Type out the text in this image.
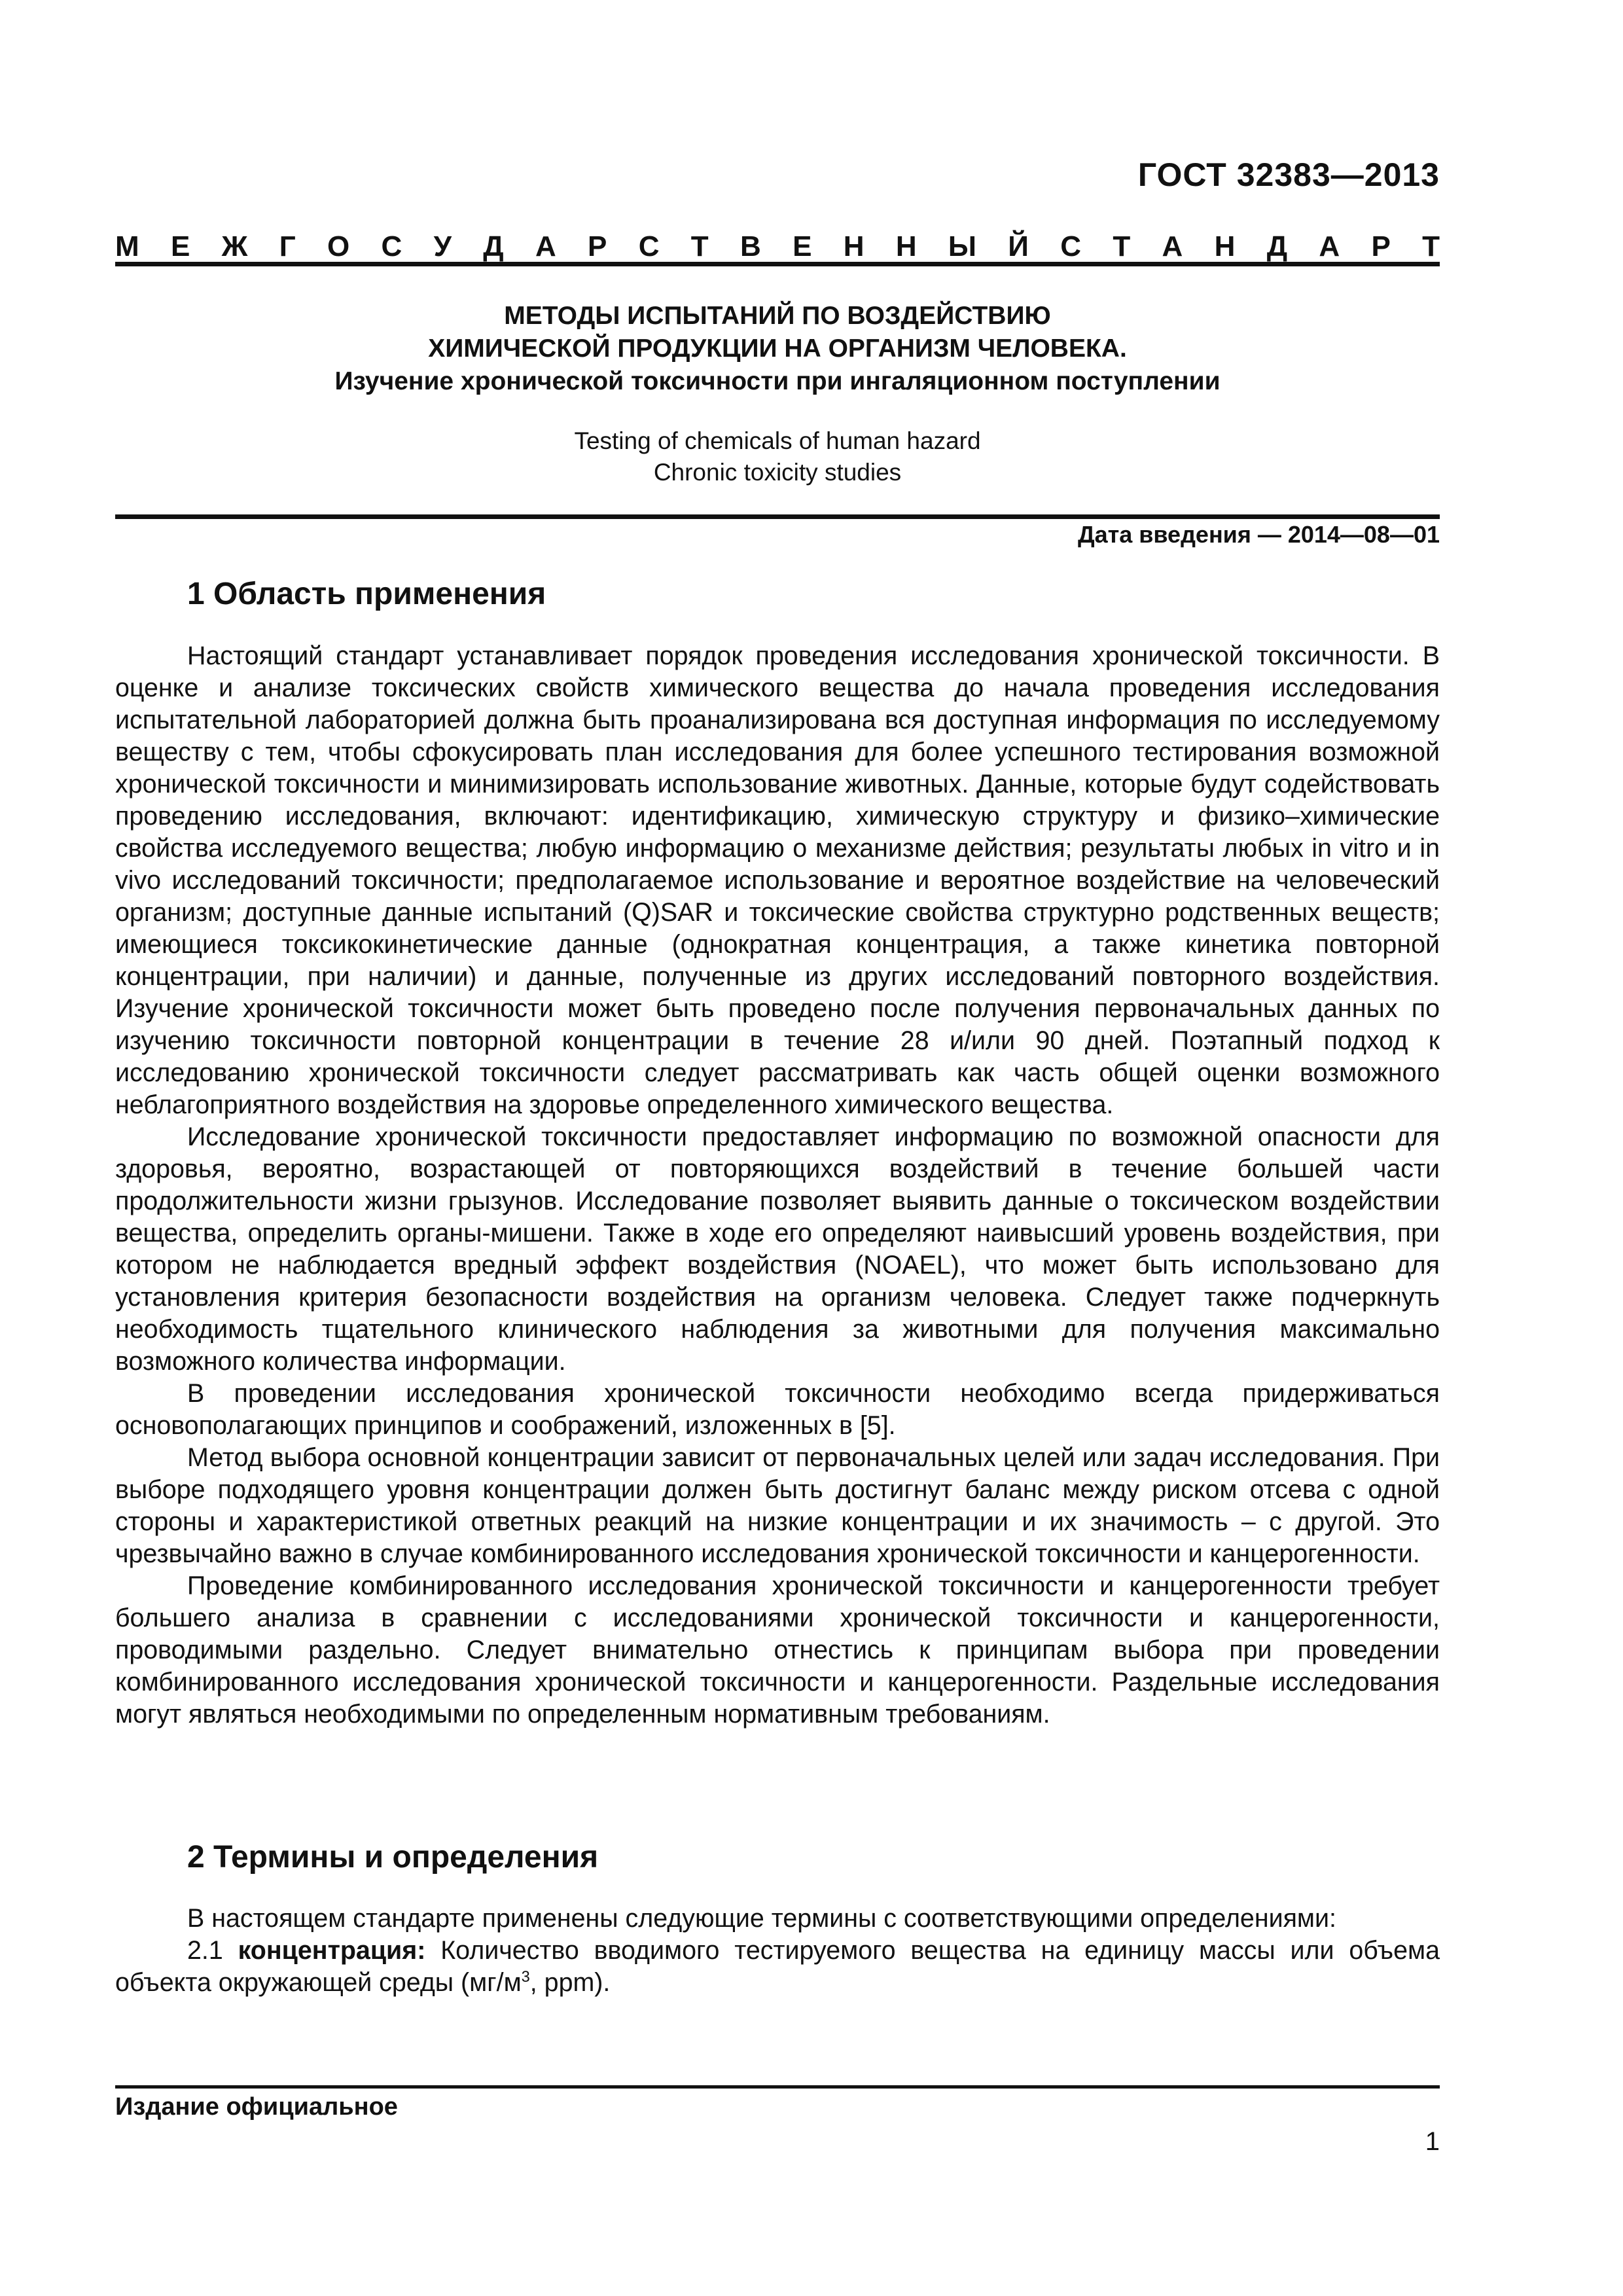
ГОСТ 32383—2013
М Е Ж Г О С У Д А Р С Т В Е Н Н Ы Й С Т А Н Д А Р Т
МЕТОДЫ ИСПЫТАНИЙ ПО ВОЗДЕЙСТВИЮ
ХИМИЧЕСКОЙ ПРОДУКЦИИ НА ОРГАНИЗМ ЧЕЛОВЕКА.
Изучение хронической токсичности при ингаляционном поступлении
Testing of chemicals of human hazard
Chronic toxicity studies
Дата введения — 2014—08—01
1 Область применения

Настоящий стандарт устанавливает порядок проведения исследования хронической токсичности. В оценке и анализе токсических свойств химического вещества до начала проведения исследования испытательной лабораторией должна быть проанализирована вся доступная информация по исследуемому веществу с тем, чтобы сфокусировать план исследования для более успешного тестирования возможной хронической токсичности и минимизировать использование животных. Данные, которые будут содействовать проведению исследования, включают: идентификацию, химическую структуру и физико–химические свойства исследуемого вещества; любую информацию о механизме действия; результаты любых in vitro и in vivo исследований токсичности; предполагаемое использование и вероятное воздействие на человеческий организм; доступные данные испытаний (Q)SAR и токсические свойства структурно родственных веществ; имеющиеся токсикокинетические данные (однократная концентрация, а также кинетика повторной концентрации, при наличии) и данные, полученные из других исследований повторного воздействия. Изучение хронической токсичности может быть проведено после получения первоначальных данных по изучению токсичности повторной концентрации в течение 28 и/или 90 дней. Поэтапный подход к исследованию хронической токсичности следует рассматривать как часть общей оценки возможного неблагоприятного воздействия на здоровье определенного химического вещества.

Исследование хронической токсичности предоставляет информацию по возможной опасности для здоровья, вероятно, возрастающей от повторяющихся воздействий в течение большей части продолжительности жизни грызунов. Исследование позволяет выявить данные о токсическом воздействии вещества, определить органы-мишени. Также в ходе его определяют наивысший уровень воздействия, при котором не наблюдается вредный эффект воздействия (NOAEL), что может быть использовано для установления критерия безопасности воздействия на организм человека. Следует также подчеркнуть необходимость тщательного клинического наблюдения за животными для получения максимально возможного количества информации.

В проведении исследования хронической токсичности необходимо всегда придерживаться основополагающих принципов и соображений, изложенных в [5].

Метод выбора основной концентрации зависит от первоначальных целей или задач исследования. При выборе подходящего уровня концентрации должен быть достигнут баланс между риском отсева с одной стороны и характеристикой ответных реакций на низкие концентрации и их значимость – с другой. Это чрезвычайно важно в случае комбинированного исследования хронической токсичности и канцерогенности.

Проведение комбинированного исследования хронической токсичности и канцерогенности требует большего анализа в сравнении с исследованиями хронической токсичности и канцерогенности, проводимыми раздельно. Следует внимательно отнестись к принципам выбора при проведении комбинированного исследования хронической токсичности и канцерогенности. Раздельные исследования могут являться необходимыми по определенным нормативным требованиям.

2 Термины и определения

В настоящем стандарте применены следующие термины с соответствующими определениями:

2.1 концентрация: Количество вводимого тестируемого вещества на единицу массы или объема объекта окружающей среды ($мг/м^3$, ppm).

Издание официальное
1
